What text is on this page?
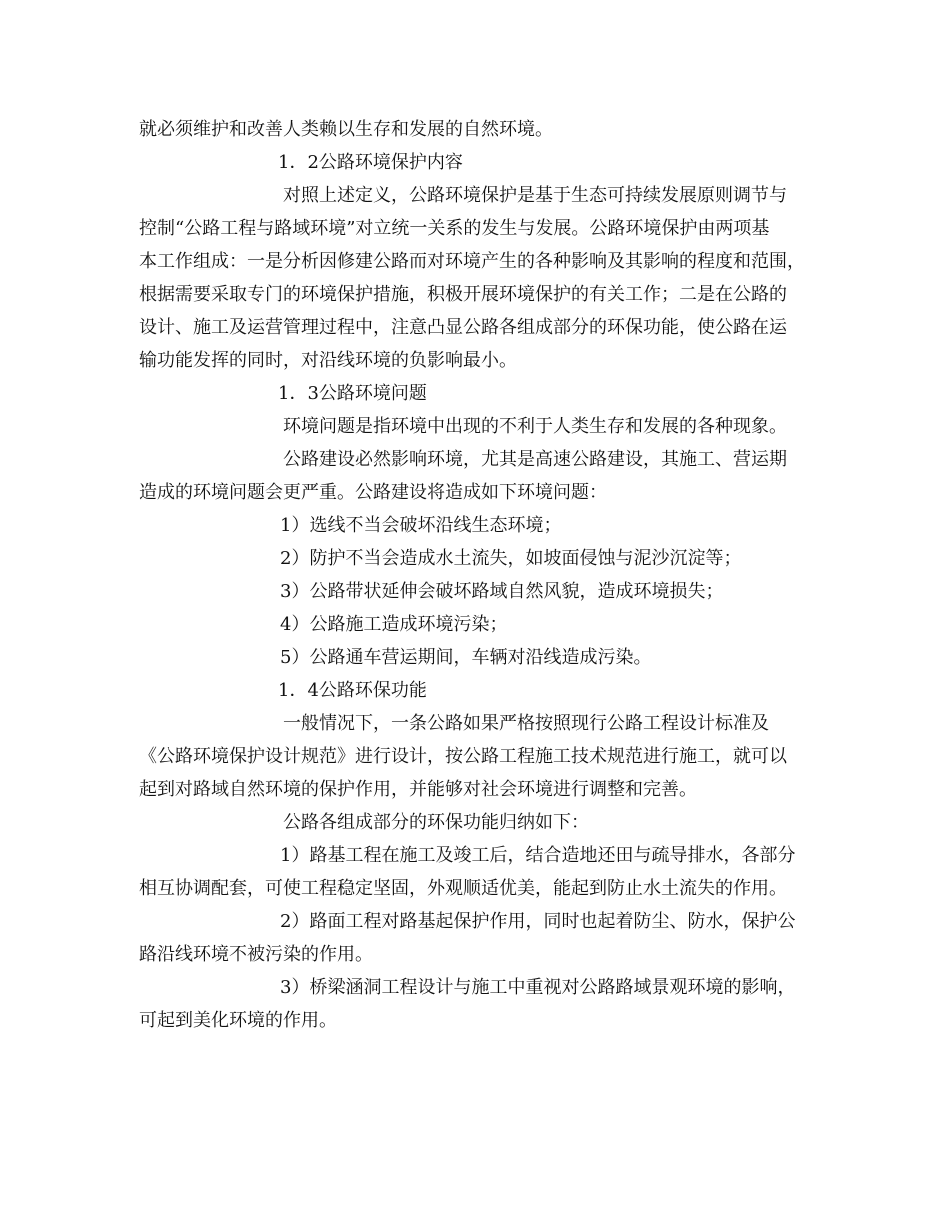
就必须维护和改善人类赖以生存和发展的自然环境。
1．2公路环境保护内容
对照上述定义，公路环境保护是基于生态可持续发展原则调节与
控制“公路工程与路域环境”对立统一关系的发生与发展。公路环境保护由两项基
本工作组成：一是分析因修建公路而对环境产生的各种影响及其影响的程度和范围，
根据需要采取专门的环境保护措施，积极开展环境保护的有关工作；二是在公路的
设计、施工及运营管理过程中，注意凸显公路各组成部分的环保功能，使公路在运
输功能发挥的同时，对沿线环境的负影响最小。
1．3公路环境问题
环境问题是指环境中出现的不利于人类生存和发展的各种现象。
公路建设必然影响环境，尤其是高速公路建设，其施工、营运期
造成的环境问题会更严重。公路建设将造成如下环境问题：
1）选线不当会破坏沿线生态环境；
2）防护不当会造成水土流失，如坡面侵蚀与泥沙沉淀等；
3）公路带状延伸会破坏路域自然风貌，造成环境损失；
4）公路施工造成环境污染；
5）公路通车营运期间，车辆对沿线造成污染。
1．4公路环保功能
一般情况下，一条公路如果严格按照现行公路工程设计标准及
《公路环境保护设计规范》进行设计，按公路工程施工技术规范进行施工，就可以
起到对路域自然环境的保护作用，并能够对社会环境进行调整和完善。
公路各组成部分的环保功能归纳如下：
1）路基工程在施工及竣工后，结合造地还田与疏导排水，各部分
相互协调配套，可使工程稳定坚固，外观顺适优美，能起到防止水土流失的作用。
2）路面工程对路基起保护作用，同时也起着防尘、防水，保护公
路沿线环境不被污染的作用。
3）桥梁涵洞工程设计与施工中重视对公路路域景观环境的影响，
可起到美化环境的作用。
